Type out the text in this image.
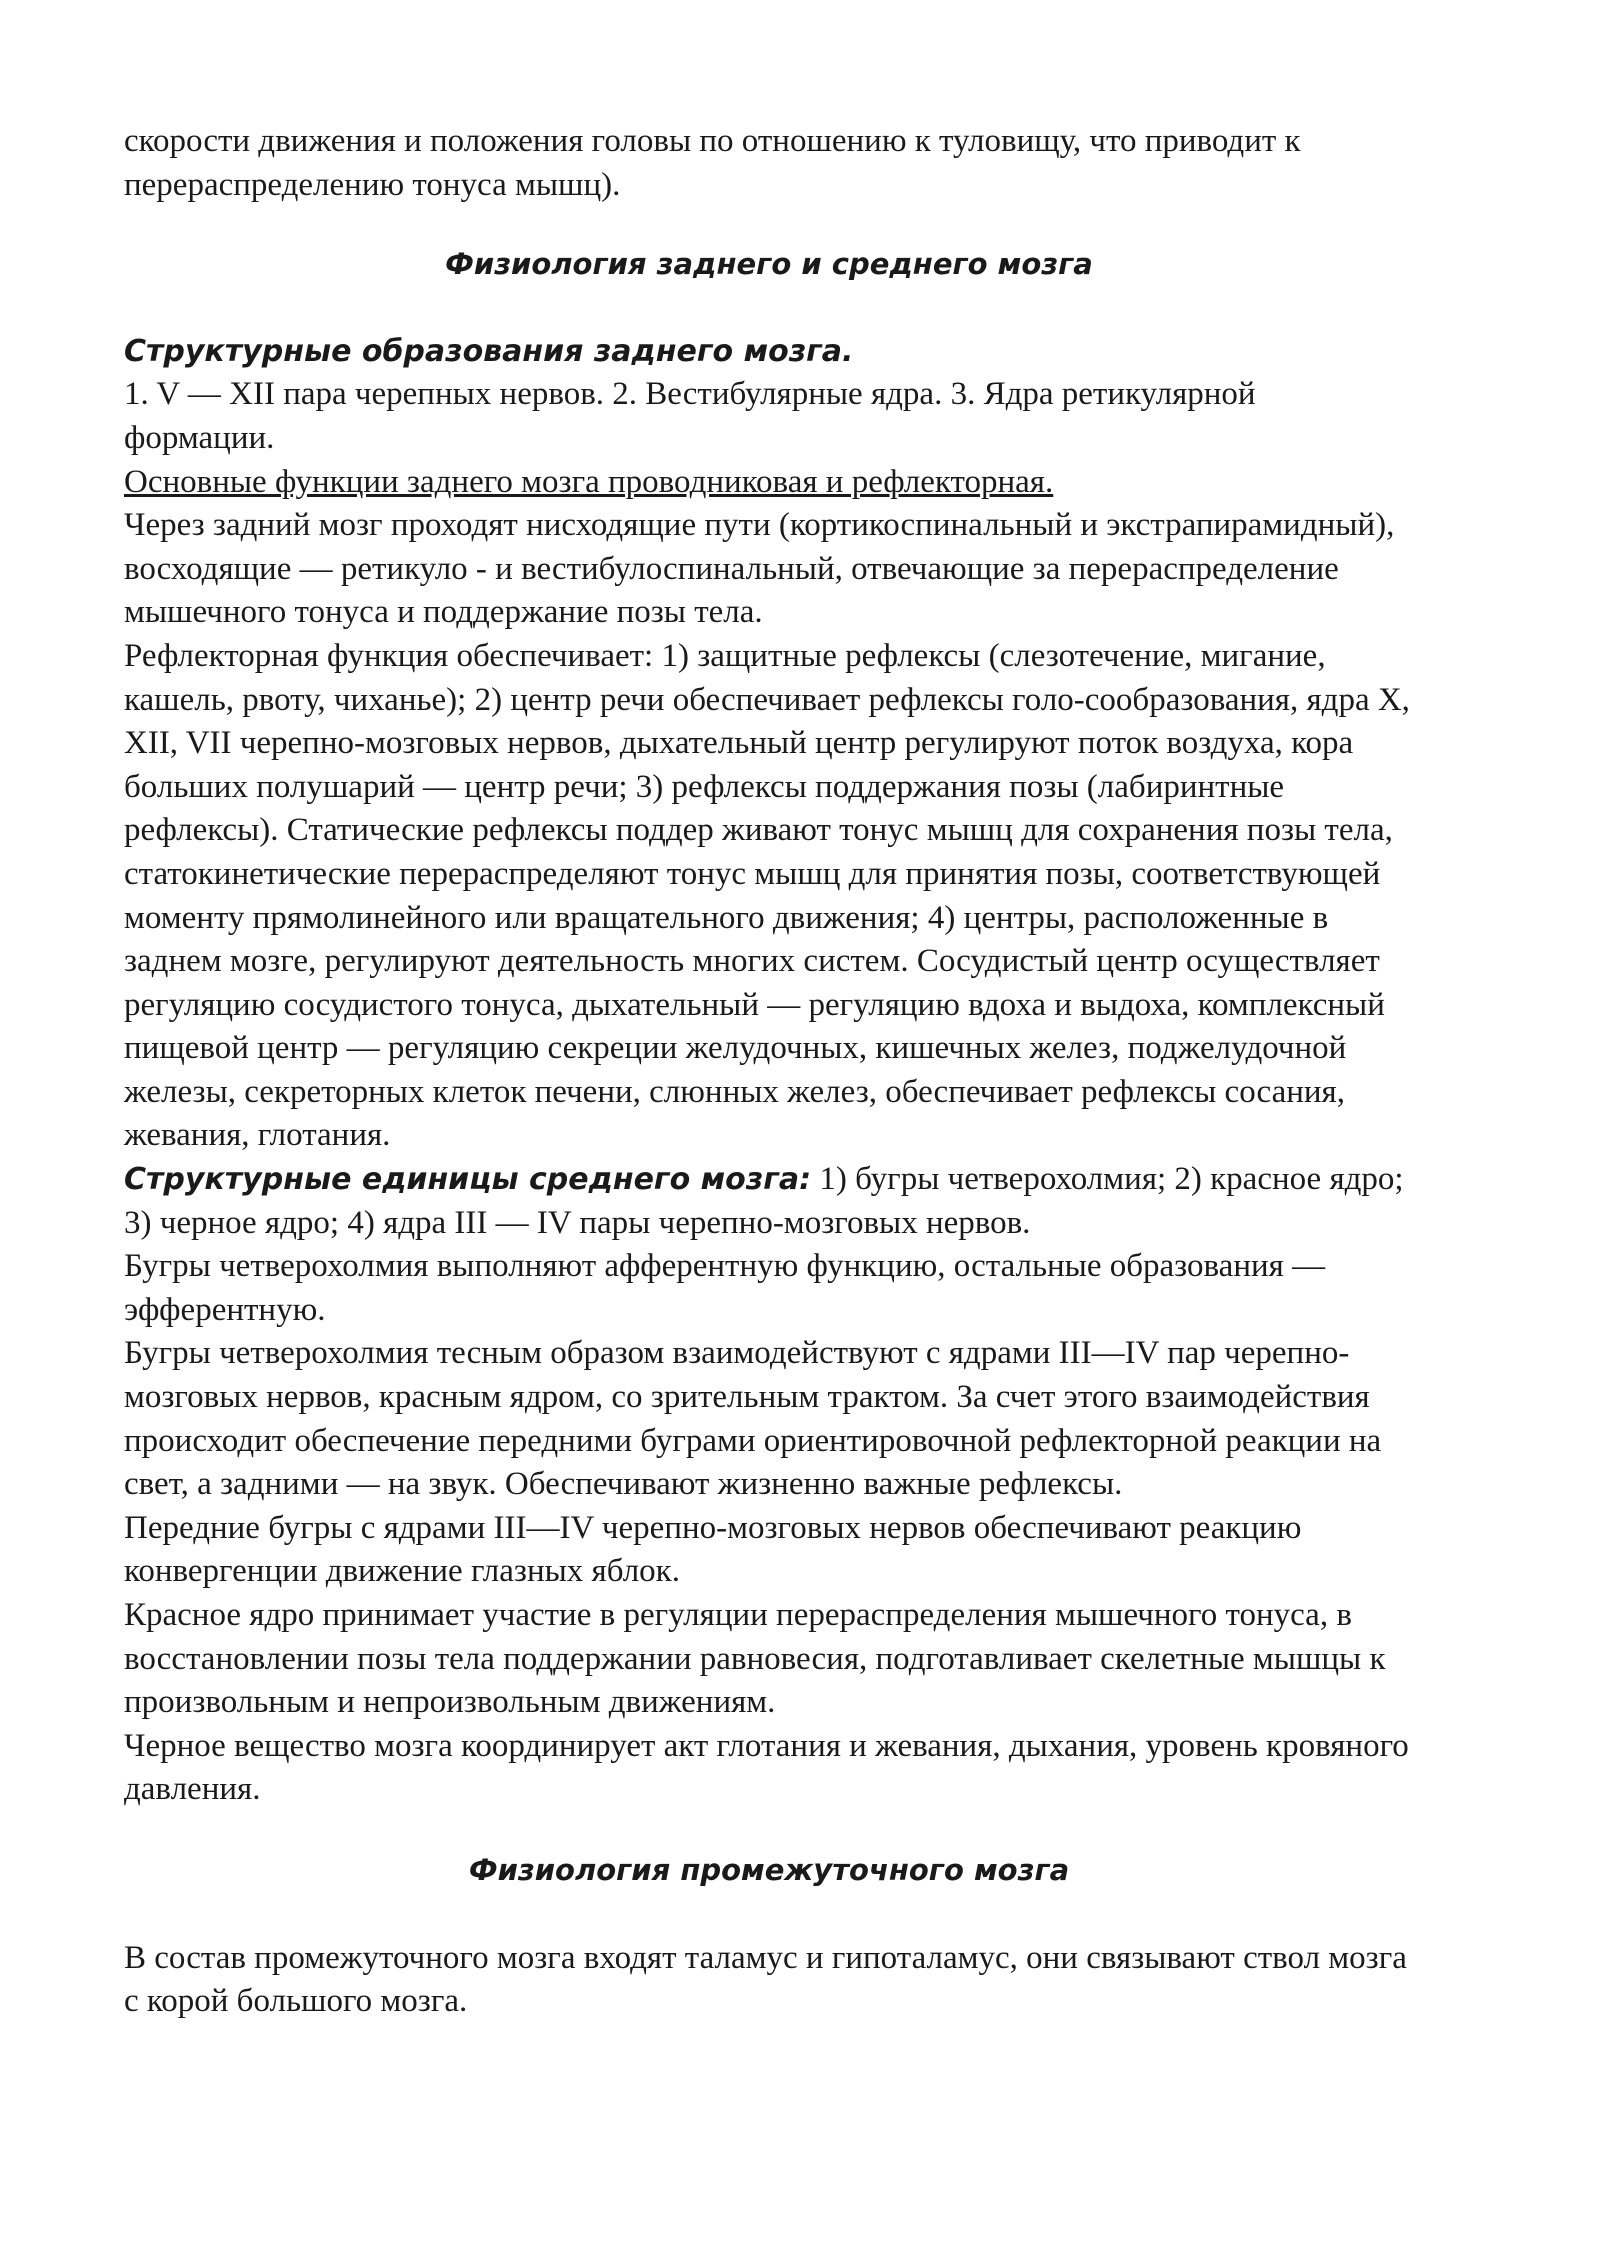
скорости движения и положения головы по отношению к туловищу, что приводит к перераспределению тонуса мышц).

Физиология заднего и среднего мозга

Структурные образования заднего мозга.

1. V — XII пара черепных нервов. 2. Вестибулярные ядра. 3. Ядра ретикулярной формации.

Основные функции заднего мозга проводниковая и рефлекторная.

Через задний мозг проходят нисходящие пути (кортикоспинальный и экстрапирамидный), восходящие — ретикуло - и вестибулоспинальный, отвечающие за перераспределение мышечного тонуса и поддержание позы тела.

Рефлекторная функция обеспечивает: 1) защитные рефлексы (слезотечение, мигание, кашель, рвоту, чиханье); 2) центр речи обеспечивает рефлексы голо-сообразования, ядра X, XII, VII черепно-мозговых нервов, дыхательный центр регулируют поток воздуха, кора больших полушарий — центр речи; 3) рефлексы поддержания позы (лабиринтные рефлексы). Статические рефлексы поддер живают тонус мышц для сохранения позы тела, статокинетические перераспределяют тонус мышц для принятия позы, соответствующей моменту прямолинейного или вращательного движения; 4) центры, расположенные в заднем мозге, регулируют деятельность многих систем. Сосудистый центр осуществляет регуляцию сосудистого тонуса, дыхательный — регуляцию вдоха и выдоха, комплексный пищевой центр — регуляцию секреции желудочных, кишечных желез, поджелудочной железы, секреторных клеток печени, слюнных желез, обеспечивает рефлексы сосания, жевания, глотания.

Структурные единицы среднего мозга: 1) бугры четверохолмия; 2) красное ядро; 3) черное ядро; 4) ядра III — IV пары черепно-мозговых нервов.

Бугры четверохолмия выполняют афферентную функцию, остальные образования — эфферентную.

Бугры четверохолмия тесным образом взаимодействуют с ядрами III—IV пар черепно-мозговых нервов, красным ядром, со зрительным трактом. За счет этого взаимодействия происходит обеспечение передними буграми ориентировочной рефлекторной реакции на свет, а задними — на звук. Обеспечивают жизненно важные рефлексы.

Передние бугры с ядрами III—IV черепно-мозговых нервов обеспечивают реакцию конвергенции движение глазных яблок.

Красное ядро принимает участие в регуляции перераспределения мышечного тонуса, в восстановлении позы тела поддержании равновесия, подготавливает скелетные мышцы к произвольным и непроизвольным движениям.

Черное вещество мозга координирует акт глотания и жевания, дыхания, уровень кровяного давления.

Физиология промежуточного мозга

В состав промежуточного мозга входят таламус и гипоталамус, они связывают ствол мозга с корой большого мозга.
